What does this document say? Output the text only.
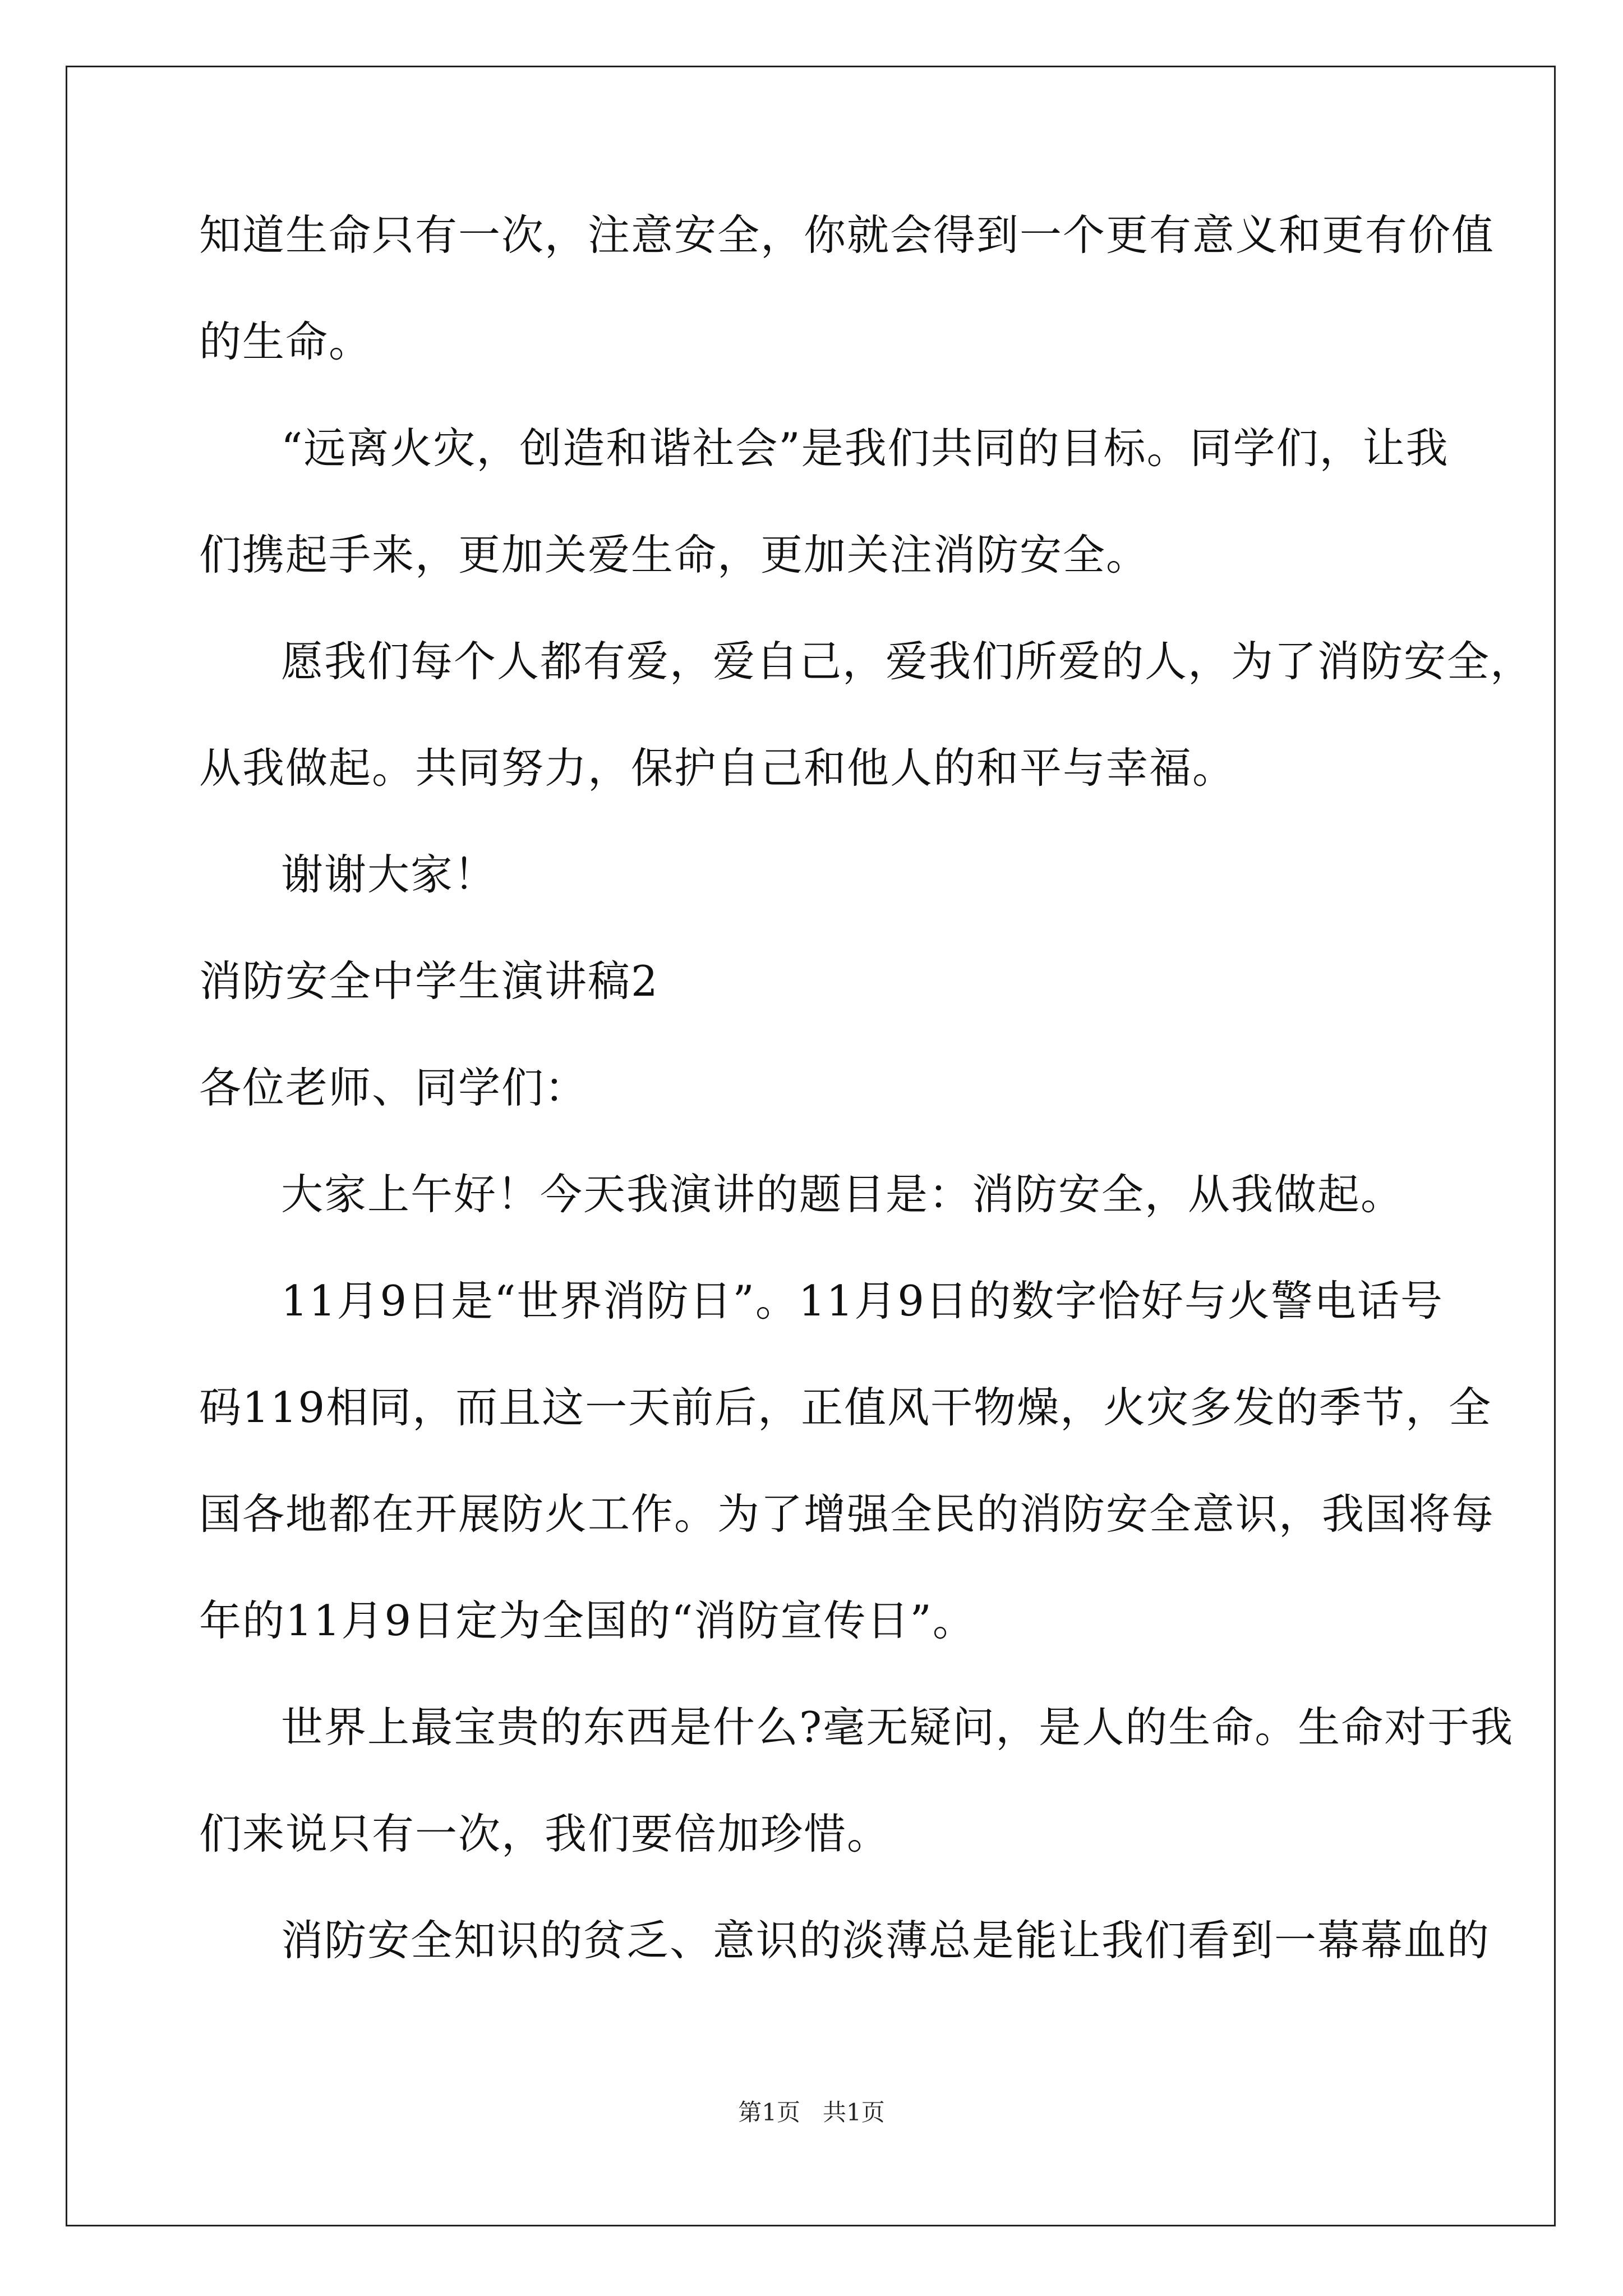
知道生命只有一次，注意安全，你就会得到一个更有意义和更有价值
的生命。
“远离火灾，创造和谐社会”是我们共同的目标。同学们，让我
们携起手来，更加关爱生命，更加关注消防安全。
愿我们每个人都有爱，爱自己，爱我们所爱的人，为了消防安全，
从我做起。共同努力，保护自己和他人的和平与幸福。
谢谢大家！
消防安全中学生演讲稿2
各位老师、同学们：
大家上午好！今天我演讲的题目是：消防安全，从我做起。
11月9日是“世界消防日”。11月9日的数字恰好与火警电话号
码119相同，而且这一天前后，正值风干物燥，火灾多发的季节，全
国各地都在开展防火工作。为了增强全民的消防安全意识，我国将每
年的11月9日定为全国的“消防宣传日”。
世界上最宝贵的东西是什么?毫无疑问，是人的生命。生命对于我
们来说只有一次，我们要倍加珍惜。
消防安全知识的贫乏、意识的淡薄总是能让我们看到一幕幕血的
第1页 共1页
